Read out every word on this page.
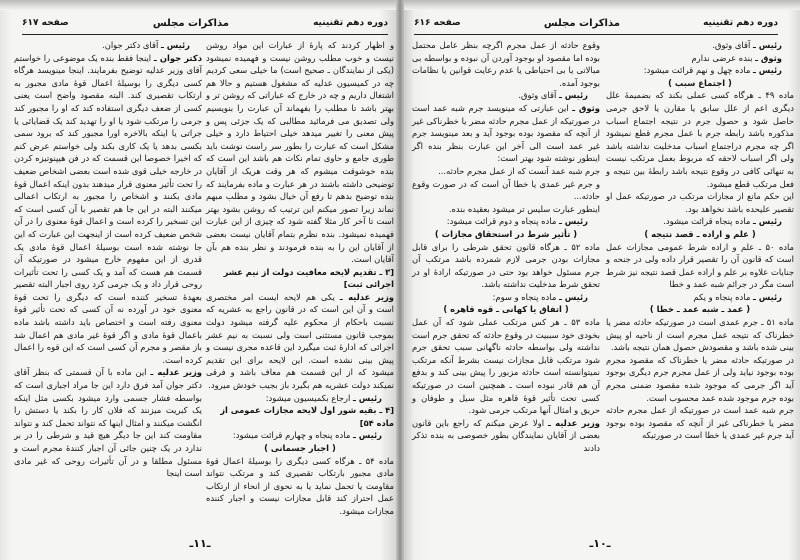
دوره دهم تقنینیه
مذاکرات مجلس
صفحه ۶۱۷

و اظهار کردند که پارهٔ از عبارات این مواد روشن نیست و خوب مطلب روشن نیست و فهمیده نمیشود (یکی از نمایندگان ـ صحیح است) ما خیلی سعی کردیم چه در کمیسیون عدلیه که مشغول هستیم و حالا هم اشتغال داریم و چه در خارج که عباراتی که روشن تر و بهتر باشد تا مطلب را بفهماند آن عبارت را بنویسیم ولی تصدیق می فرمائید مطالبی که یک جزئی پس و پیش معنی را تغییر میدهد خیلی احتیاط دارد و خیلی مشکل است که عبارت را بطور سر راست نوشت باید طوری جامع و حاوی تمام نکات هم باشد این است که بنده خوشوقت میشوم که هر وقت هریک از آقایان توضیحی داشته باشند در هر عبارت و ماده بفرمایند که بنده توضیح بدهم تا رفع آن خیال بشود و مطلب مبهم نماند زیرا تصور میکنم این ترتیب که روشن بشود بهتر است تا آخر کار مثلا گفته شود که چیزی از این عبارت فهمیده نمیشود. بنده نظرم بتمام آقایان نیست بعضی از آقایان این را به بنده فرمودند و نظر بنده هم بآن آقایان است.

[۳ ـ تقدیم لایحه معافیت دولت از نیم عشر اجرائی ثبت]

وزیر عدلیه ـ یکی هم لایحه ایست امر مختصری است و آن این است که در قانون راجع به عشریه که نسبت باحکام از محکوم علیه گرفته میشود دولت بموجب قانون مستثنی است ولی نسبت به نیم عشر اجرائی که ادارهٔ ثبت میگیرد این قاعده مجری نیست و پیش بینی نشده است. این لایحه برای این تقدیم میشود که از این قسمت هم معاف باشد و فرقی نمیکند دولت عشریه هم بگیرد باز بجیب خودش میرود.

رئیس ـ ارجاع بکمیسیون میشود:

[۴ ـ بقیه شور اول لایحه مجازات عمومی از ماده ۵۴]

رئیس ـ ماده پنجاه و چهارم قرائت میشود:

( اجبار جسمانی )

ماده ۵۴ ـ هرگاه کسی دیگری را بوسیلهٔ اعمال قوهٔ مادی مجبور بارتکاب تقصیری کند و مرتکب نتواند مقاومت یا تحمل نماید یا به نحوی از انحاء از ارتکاب عمل احتراز کند قابل مجازات نیست و اجبار کننده مجازات میشود.

رئیس ـ آقای دکتر جوان.

دکتر جوان ـ اینجا فقط بنده یک موضوعی را خواستم آقای وزیر عدلیه توضیح بفرمایند. اینجا مینویسد هرگاه کسی دیگری را بوسیلهٔ اعمال قوهٔ مادی مجبور به ارتکاب تقصیری کند. البته مقصود واضح است یعنی کسی از ضعف دیگری استفاده کند که او را مجبور کند جرمی را مرتکب شود یا او را تهدید کند یک قضایائی یا جراتی یا اینکه بالاخره اورا مجبور کند که برود سمی بکسی بدهد یا یک کاری بکند ولی خواستم عرض کنم که اخیرا خصوصا این قسمت که در فن هیپنوتیزه کردن در خارجه خیلی قوی شده است بعضی اشخاص ضعیف را تحت تأثیر معنوی قرار میدهند بدون اینکه اعمال قوهٔ مادی بکنند و اشخاص را مجبور به ارتکاب اعمالی میکنند البته در این جا هم تقصیر با آن کسی است که این تسخیر را کرده است و اعمال قوهٔ معنوی را در آن شخص ضعیف کرده است از اینجهت این عبارت که این جا نوشته شده است بوسیلهٔ اعمال قوهٔ مادی یک قدری از این مفهوم خارج میشود در صورتیکه آن قسمت هم هست که آمد و یک کسی را تحت تأثیرات روحی قرار داد و یک جرمی کرد روی اجبار البته تقصیر بعهدهٔ تسخیر کننده است که دیگری را تحت قوهٔ معنوی خود در آورده نه آن کسی که تحت تأثیر قوهٔ معنوی رفته است و اختصاص باید داشته باشد ماده باعمال قوهٔ مادی و اگر قوهٔ غیر مادی هم اعمال شد باز مقصر و مجرم آن کسی است که این قوه را اعمال کرده است.

وزیر عدلیه ـ این ماده با آن قسمتی که بنظر آقای دکتر جوان آمد فرق دارد این جا مراد اجباری است که بواسطه فشار جسمی وارد میشود بکسی مثل اینکه یک کبریت میزنند که فلان کار را بکند یا دستش را انگشت میکنند و امثال اینها که نتواند تحمل کند و نتواند مقاومت کند این جا دیگر هیچ قید و شرطی را در بر ندارد در یک چنین جائی آن اجبار کنندهٔ مجرم است و مسئول مطلقا و در آن تأثیرات روحی که غیر مادی است اینجا

ـ۱۱ـ
دوره دهم تقنینیه
مذاکرات مجلس
صفحه ۶۱۶

رئیس ـ آقای وثوق.

وثوق ـ بنده عرضی ندارم

رئیس ـ ماده چهل و نهم قرائت میشود:

( اجتماع سبب )

ماده ۴۹ ـ هرگاه کسی عملی بکند که بضمیمهٔ علل دیگری اعم از علل سابق یا مقارن یا لاحق جرمی حاصل شود و حصول جرم در نتیجه اجتماع اسباب مذکوره باشد رابطه جرم با عمل مجرم قطع نمیشود اگر چه مجرم دراجتماع اسباب مدخلیت نداشته باشد ولی اگر اسباب لاحقه که مربوط بعمل مرتکب نیست به تنهائی کافی در وقوع نتیجه باشد رابطهٔ بین نتیجه و فعل مرتکب قطع میشود.

این حکم مانع از مجازات مرتکب در صورتیکه عمل او تقصیر علیحده باشد نخواهد بود.

رئیس ـ ماده پنجاه قرائت میشود.

( علم و اراده ـ قصد نتیجه )

ماده ۵۰ ـ علم و اراده شرط عمومی مجازات عمل است که قانون آن را تقصیر قرار داده ولی در جنحه و جنایات علاوه بر علم و اراده عمل قصد نتیجه نیز شرط است مگر در جرائم شبه عمد و خطا

رئیس ـ ماده پنجاه و یکم

( عمد ـ شبه عمد ـ خطا )

ماده ۵۱ ـ جرم عمدی است در صورتیکه حادثه مضر یا خطرناک که نتیجه عمل مجرم است از ناحیه او پیش بینی شده باشد و مقصودش حصول همان نتیجه باشد.

در صورتیکه حادثه مضر یا خطرناک که مقصود مجرم بوده بوجود نیاید ولی از عمل مجرم جرم دیگری بوجود آید اگر جرمی که موجود شده مقصود ضمنی مجرم بوده جرم موجود شده عمد محسوب است.

جرم شبه عمد است در صورتیکه از عمل مجرم حادثه مضر یا خطرناکی غیر از آنچه که مقصود بوده بوجود آید جرم غیر عمدی یا خطا است در صورتیکه

وقوع حادثه از عمل مجرم اگرچه بنظر عامل محتمل بوده اما مقصود او بوجود آوردن آن نبوده و بواسطه بی مبالاتی یا بی احتیاطی یا عدم رعایت قوانین یا نظامات بوجود آمده.

رئیس ـ آقای وثوق.

وثوق ـ این عبارتی که مینویسد جرم شبه عمد است در صورتیکه از عمل مجرم حادثه مضر یا خطرناکی غیر از آنچه که مقصود بوده بوجود آید و بعد مینویسد جرم غیر عمد است الی آخر این عبارت بنظر بنده اگر اینطور نوشته شود بهتر است:

جرم شبه عمد آنست که از عمل مجرم حادثه...

و جرم غیر عمدی یا خطا آن است که در صورت وقوع حادثه...

اینطور عبارت سلیس تر میشود بعقیده بنده.

رئیس ـ ماده پنجاه و دوم قرائت میشود:

( تأثیر شرط در استحقاق مجازات )

ماده ۵۲ ـ هرگاه قانون تحقق شرطی را برای قابل مجازات بودن جرمی لازم شمرده باشد مرتکب آن جرم مسئول خواهد بود حتی در صورتیکه ارادهٔ او در تحقق شرط مدخلیت نداشته باشد.

رئیس ـ ماده پنجاه و سوم:

( اتفاق یا کهانی ـ قوه قاهره )

ماده ۵۳ ـ هر کس مرتکب عملی شود که آن عمل بخودی خود سببیت در وقوع حادثه که تحقق جرم است نداشته ولی بواسطه حادثه ناگهانی سبب تحقق جرم شود مرتکب قابل مجازات نیست بشرط آنکه مرتکب نمیتوانسته است حادثه مزبور را پیش بینی کند و بدفع آن هم قادر نبوده است ـ همچنین است در صورتیکه کسی تحت تأثیر قوهٔ قاهره مثل سیل و طوفان و حریق و امثال آنها مرتکب جرمی شود.

وزیر عدلیه ـ اولا عرض میکنم که راجع باین قانون بعضی از آقایان نمایندگان بطور خصوصی به بنده تذکر دادند

ـ۱۰ـ
